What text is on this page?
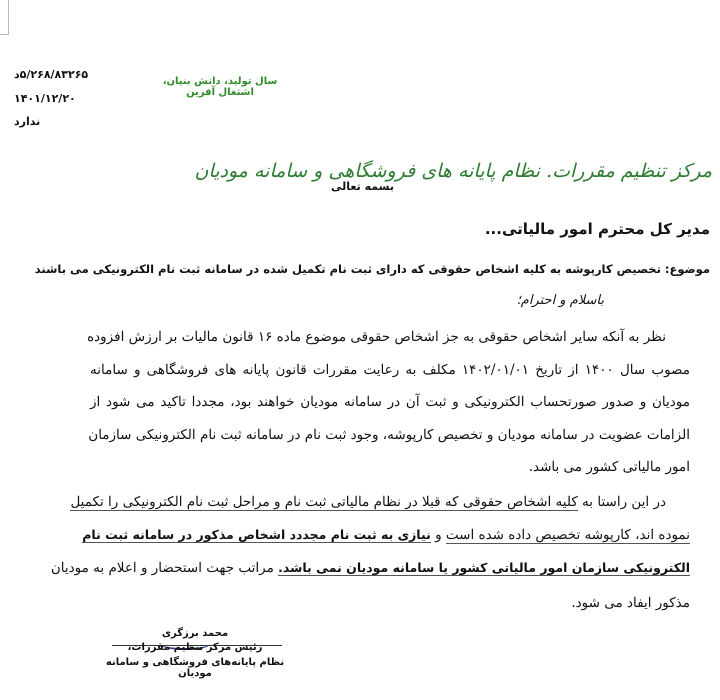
۵/۲۶۸/۸۳۲۶۵د
۱۴۰۱/۱۲/۲۰
ندارد
سال تولید، دانش بنیان، اشتغال آفرین
مرکز تنظیم مقررات. نظام پایانه های فروشگاهی و سامانه مودیان
بسمه تعالی
مدیر کل محترم امور مالیاتی...
موضوع: تخصیص کارپوشه به کلیه اشخاص حقوقی که دارای ثبت نام تکمیل شده در سامانه ثبت نام الکترونیکی می باشند
باسلام و احترام؛
نظر به آنکه سایر اشخاص حقوقی به جز اشخاص حقوقی موضوع ماده ۱۶ قانون مالیات بر ارزش افزوده
مصوب سال ۱۴۰۰ از تاریخ ۱۴۰۲/۰۱/۰۱ مکلف به رعایت مقررات قانون پایانه های فروشگاهی و سامانه
مودیان و صدور صورتحساب الکترونیکی و ثبت آن در سامانه مودیان خواهند بود، مجددا تاکید می شود از
الزامات عضویت در سامانه مودیان و تخصیص کارپوشه، وجود ثبت نام در سامانه ثبت نام الکترونیکی سازمان
امور مالیاتی کشور می باشد.
در این راستا به کلیه اشخاص حقوقی که قبلا در نظام مالیاتی ثبت نام و مراحل ثبت نام الکترونیکی را تکمیل
نموده اند، کارپوشه تخصیص داده شده است و نیازی به ثبت نام مجددد اشخاص مذکور در سامانه ثبت نام
الکترونیکی سازمان امور مالیاتی کشور یا سامانه مودیان نمی باشد. مراتب جهت استحضار و اعلام به مودیان
مذکور ایفاد می شود.
محمد برزگری
رئیس مرکز تنظیم مقررات،
نظام پایانه‌های فروشگاهی و سامانه مودیان
